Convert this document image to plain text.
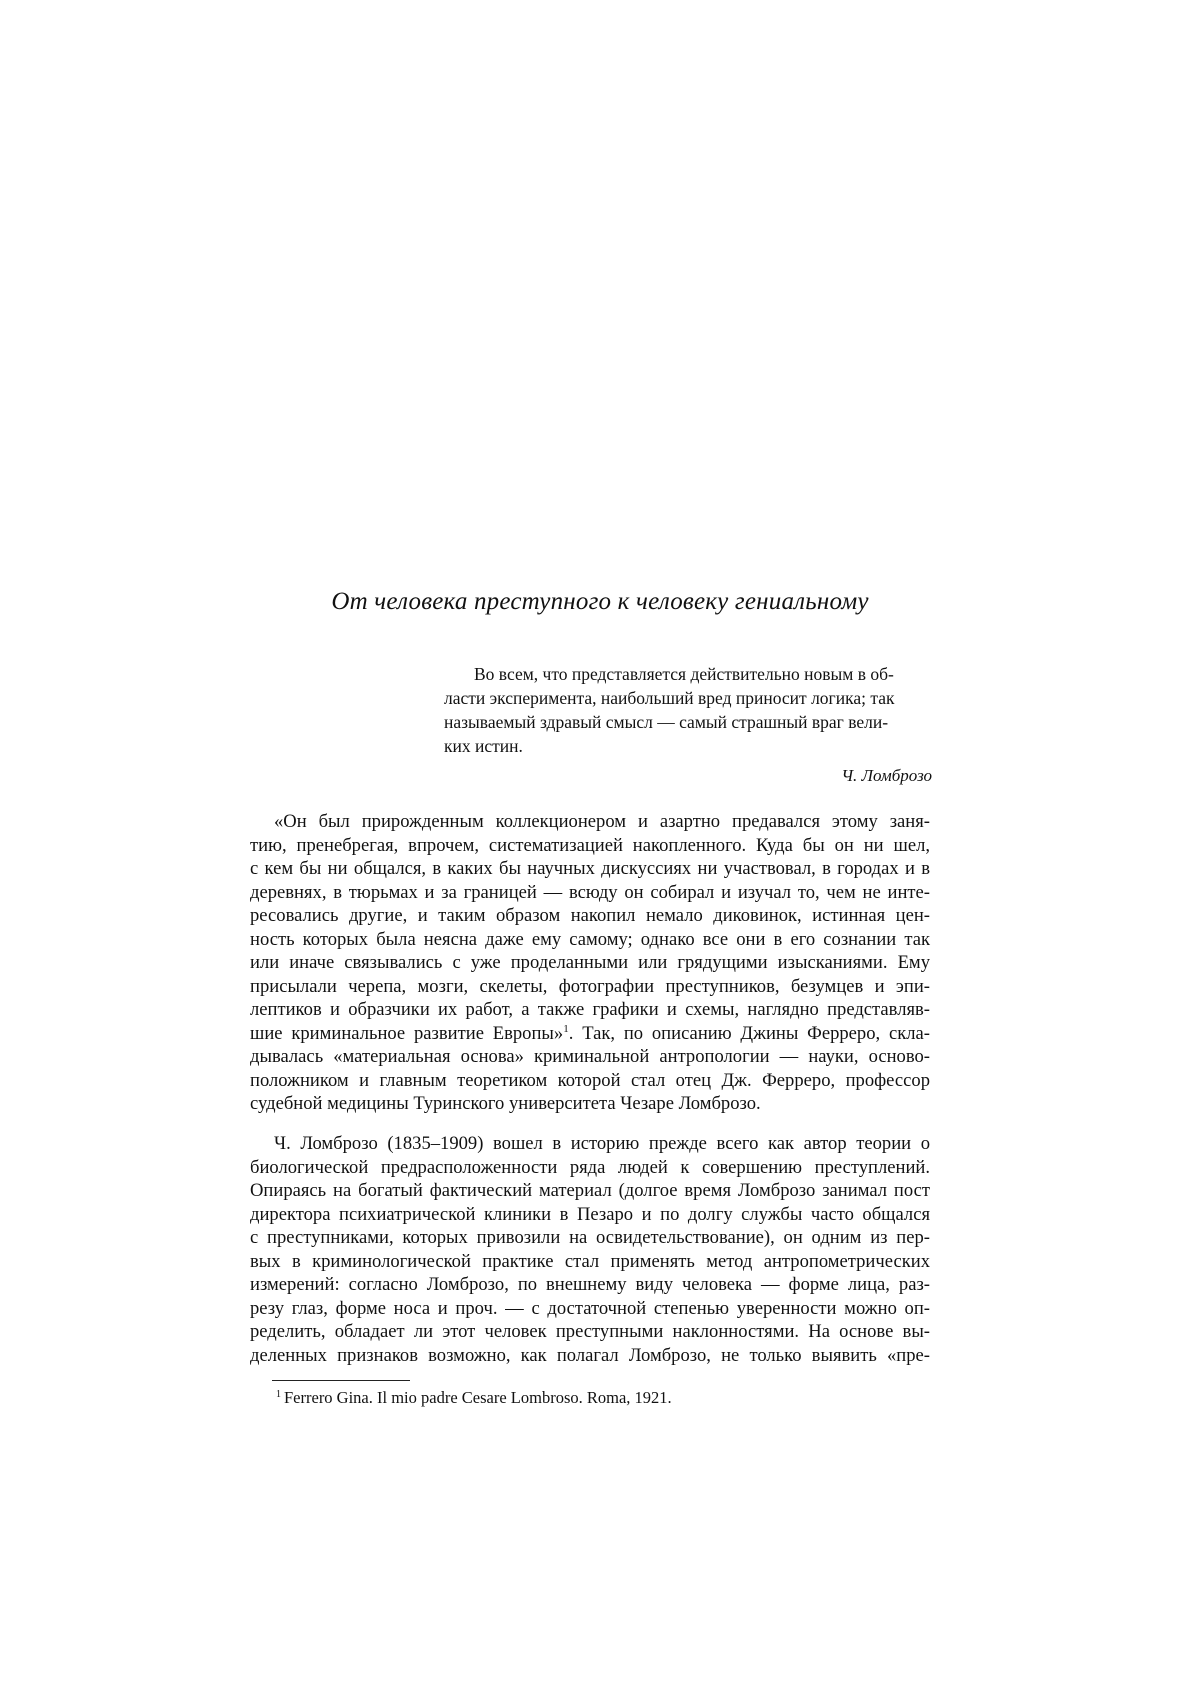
От человека преступного к человеку гениальному
Во всем, что представляется действительно новым в об-
ласти эксперимента, наибольший вред приносит логика; так
называемый здравый смысл — самый страшный враг вели-
ких истин.
Ч. Ломброзо
«Он был прирожденным коллекционером и азартно предавался этому заня-
тию, пренебрегая, впрочем, систематизацией накопленного. Куда бы он ни шел,
с кем бы ни общался, в каких бы научных дискуссиях ни участвовал, в городах и в
деревнях, в тюрьмах и за границей — всюду он собирал и изучал то, чем не инте-
ресовались другие, и таким образом накопил немало диковинок, истинная цен-
ность которых была неясна даже ему самому; однако все они в его сознании так
или иначе связывались с уже проделанными или грядущими изысканиями. Ему
присылали черепа, мозги, скелеты, фотографии преступников, безумцев и эпи-
лептиков и образчики их работ, а также графики и схемы, наглядно представляв-
шие криминальное развитие Европы»$^1$. Так, по описанию Джины Ферреро, скла-
дывалась «материальная основа» криминальной антропологии — науки, осново-
положником и главным теоретиком которой стал отец Дж. Ферреро, профессор
судебной медицины Туринского университета Чезаре Ломброзо.
Ч. Ломброзо (1835–1909) вошел в историю прежде всего как автор теории о
биологической предрасположенности ряда людей к совершению преступлений.
Опираясь на богатый фактический материал (долгое время Ломброзо занимал пост
директора психиатрической клиники в Пезаро и по долгу службы часто общался
с преступниками, которых привозили на освидетельствование), он одним из пер-
вых в криминологической практике стал применять метод антропометрических
измерений: согласно Ломброзо, по внешнему виду человека — форме лица, раз-
резу глаз, форме носа и проч. — с достаточной степенью уверенности можно оп-
ределить, обладает ли этот человек преступными наклонностями. На основе вы-
деленных признаков возможно, как полагал Ломброзо, не только выявить «пре-
$^1$ Ferrero Gina. Il mio padre Cesare Lombroso. Roma, 1921.
